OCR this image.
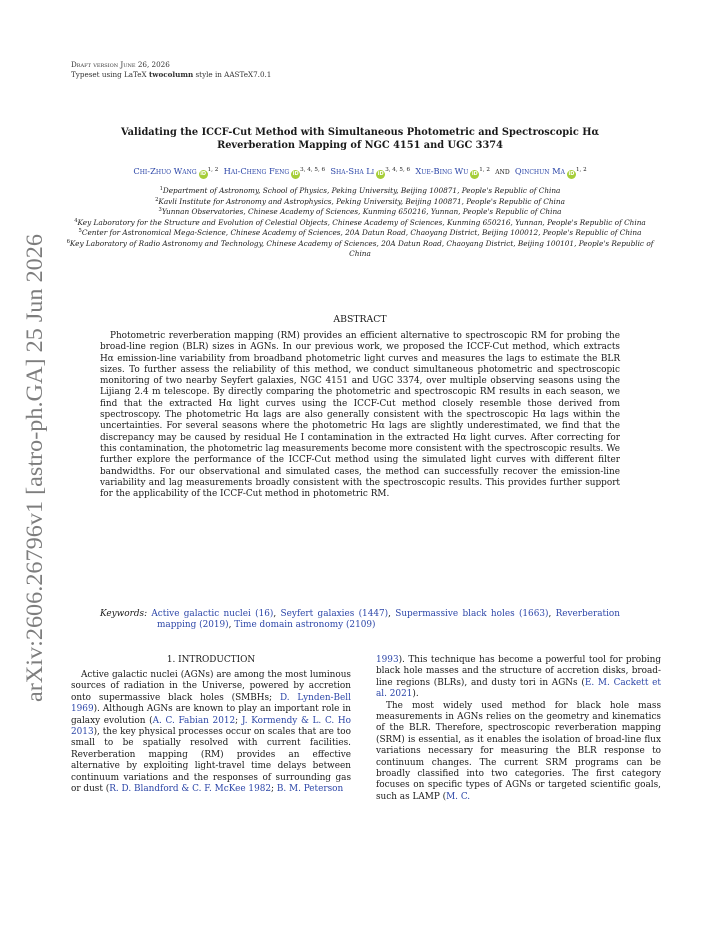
arXiv:2606.26796v1 [astro-ph.GA] 25 Jun 2026
Draft version June 26, 2026
Typeset using LaTeX twocolumn style in AASTeX7.0.1
Validating the ICCF-Cut Method with Simultaneous Photometric and Spectroscopic Hα
Reverberation Mapping of NGC 4151 and UGC 3374
Chi-Zhuo Wang iD$^{1, 2}$ Hai-Cheng Feng iD$^{3, 4, 5, 6}$ Sha-Sha Li iD$^{3, 4, 5, 6}$ Xue-Bing Wu iD$^{1, 2}$ and Qinchun Ma iD$^{1, 2}$

$^1$Department of Astronomy, School of Physics, Peking University, Beijing 100871, People's Republic of China

$^2$Kavli Institute for Astronomy and Astrophysics, Peking University, Beijing 100871, People's Republic of China

$^3$Yunnan Observatories, Chinese Academy of Sciences, Kunming 650216, Yunnan, People's Republic of China

$^4$Key Laboratory for the Structure and Evolution of Celestial Objects, Chinese Academy of Sciences, Kunming 650216, Yunnan, People's Republic of China

$^5$Center for Astronomical Mega-Science, Chinese Academy of Sciences, 20A Datun Road, Chaoyang District, Beijing 100012, People's Republic of China

$^6$Key Laboratory of Radio Astronomy and Technology, Chinese Academy of Sciences, 20A Datun Road, Chaoyang District, Beijing 100101, People's Republic of China

ABSTRACT

Photometric reverberation mapping (RM) provides an efficient alternative to spectroscopic RM for probing the broad-line region (BLR) sizes in AGNs. In our previous work, we proposed the ICCF-Cut method, which extracts Hα emission-line variability from broadband photometric light curves and measures the lags to estimate the BLR sizes. To further assess the reliability of this method, we conduct simultaneous photometric and spectroscopic monitoring of two nearby Seyfert galaxies, NGC 4151 and UGC 3374, over multiple observing seasons using the Lijiang 2.4 m telescope. By directly comparing the photometric and spectroscopic RM results in each season, we find that the extracted Hα light curves using the ICCF-Cut method closely resemble those derived from spectroscopy. The photometric Hα lags are also generally consistent with the spectroscopic Hα lags within the uncertainties. For several seasons where the photometric Hα lags are slightly underestimated, we find that the discrepancy may be caused by residual He I contamination in the extracted Hα light curves. After correcting for this contamination, the photometric lag measurements become more consistent with the spectroscopic results. We further explore the performance of the ICCF-Cut method using the simulated light curves with different filter bandwidths. For our observational and simulated cases, the method can successfully recover the emission-line variability and lag measurements broadly consistent with the spectroscopic results. This provides further support for the applicability of the ICCF-Cut method in photometric RM.

Keywords: Active galactic nuclei (16), Seyfert galaxies (1447), Supermassive black holes (1663), Reverberation mapping (2019), Time domain astronomy (2109)

1. INTRODUCTION

Active galactic nuclei (AGNs) are among the most luminous sources of radiation in the Universe, powered by accretion onto supermassive black holes (SMBHs; D. Lynden-Bell 1969). Although AGNs are known to play an important role in galaxy evolution (A. C. Fabian 2012; J. Kormendy & L. C. Ho 2013), the key physical processes occur on scales that are too small to be spatially resolved with current facilities. Reverberation mapping (RM) provides an effective alternative by exploiting light-travel time delays between continuum variations and the responses of surrounding gas or dust (R. D. Blandford & C. F. McKee 1982; B. M. Peterson

1993). This technique has become a powerful tool for probing black hole masses and the structure of accretion disks, broad-line regions (BLRs), and dusty tori in AGNs (E. M. Cackett et al. 2021).

The most widely used method for black hole mass measurements in AGNs relies on the geometry and kinematics of the BLR. Therefore, spectroscopic reverberation mapping (SRM) is essential, as it enables the isolation of broad-line flux variations necessary for measuring the BLR response to continuum changes. The current SRM programs can be broadly classified into two categories. The first category focuses on specific types of AGNs or targeted scientific goals, such as LAMP (M. C.
